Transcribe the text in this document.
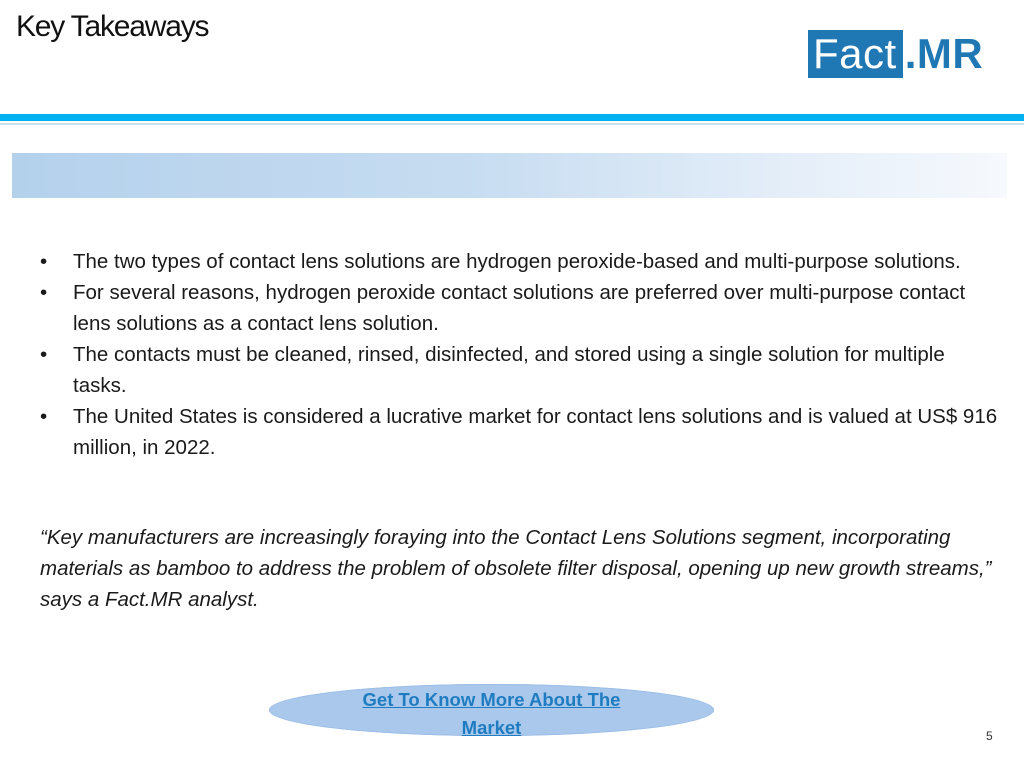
Key Takeaways
Fact .MR
•	The two types of contact lens solutions are hydrogen peroxide-based and multi-purpose solutions.
•	For several reasons, hydrogen peroxide contact solutions are preferred over multi-purpose contact lens solutions as a contact lens solution.
•	The contacts must be cleaned, rinsed, disinfected, and stored using a single solution for multiple tasks.
•	The United States is considered a lucrative market for contact lens solutions and is valued at US$ 916 million, in 2022.

“Key manufacturers are increasingly foraying into the Contact Lens Solutions segment, incorporating materials as bamboo to address the problem of obsolete filter disposal, opening up new growth streams,” says a Fact.MR analyst.

Get To Know More About The
Market	5
